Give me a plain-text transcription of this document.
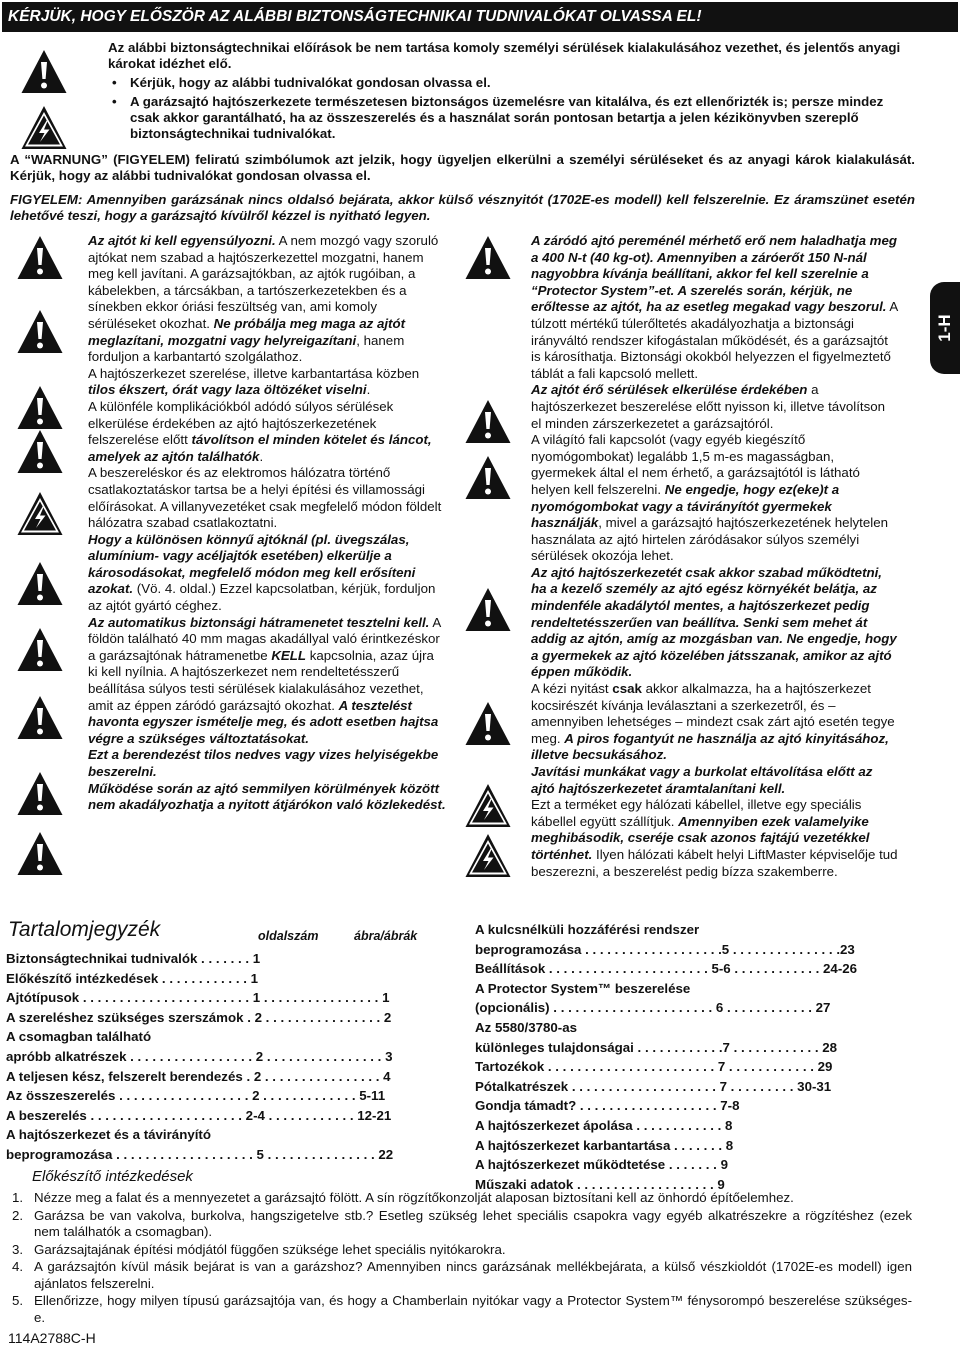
KÉRJÜK, HOGY ELŐSZÖR AZ ALÁBBI BIZTONSÁGTECHNIKAI TUDNIVALÓKAT OLVASSA EL!
Az alábbi biztonságtechnikai előírások be nem tartása komoly személyi sérülések kialakulásához vezethet, és jelentős anyagi károkat idézhet elő.
• Kérjük, hogy az alábbi tudnivalókat gondosan olvassa el.
• A garázsajtó hajtószerkezete természetesen biztonságos üzemelésre van kitalálva, és ezt ellenőrizték is; persze mindez csak akkor garantálható, ha az összeszerelés és a használat során pontosan betartja a jelen kézikönyvben szereplő biztonságtechnikai tudnivalókat.
A “WARNUNG” (FIGYELEM) feliratú szimbólumok azt jelzik, hogy ügyeljen elkerülni a személyi sérüléseket és az anyagi károk kialakulását. Kérjük, hogy az alábbi tudnivalókat gondosan olvassa el.
FIGYELEM: Amennyiben garázsának nincs oldalsó bejárata, akkor külső vésznyitót (1702E-es modell) kell felszerelnie. Ez áramszünet esetén lehetővé teszi, hogy a garázsajtó kívülről kézzel is nyitható legyen.

Az ajtót ki kell egyensúlyozni. A nem mozgó vagy szoruló ajtókat nem szabad a hajtószerkezettel mozgatni, hanem meg kell javítani. A garázsajtókban, az ajtók rugóiban, a kábelekben, a tárcsákban, a tartószerkezetekben és a sínekben ekkor óriási feszültség van, ami komoly sérüléseket okozhat. Ne próbálja meg maga az ajtót meglazítani, mozgatni vagy helyreigazítani, hanem forduljon a karbantartó szolgálathoz.

A hajtószerkezet szerelése, illetve karbantartása közben tilos ékszert, órát vagy laza öltözéket viselni.

A különféle komplikációkból adódó súlyos sérülések elkerülése érdekében az ajtó hajtószerkezetének felszerelése előtt távolítson el minden kötelet és láncot, amelyek az ajtón találhatók.

A beszereléskor és az elektromos hálózatra történő csatlakoztatáskor tartsa be a helyi építési és villamossági előírásokat. A villanyvezetéket csak megfelelő módon földelt hálózatra szabad csatlakoztatni.

Hogy a különösen könnyű ajtóknál (pl. üvegszálas, alumínium- vagy acéljajtók esetében) elkerülje a károsodásokat, megfelelő módon meg kell erősíteni azokat. (Vö. 4. oldal.) Ezzel kapcsolatban, kérjük, forduljon az ajtót gyártó céghez.

Az automatikus biztonsági hátramenetet tesztelni kell. A földön található 40 mm magas akadállyal való érintkezéskor a garázsajtónak hátramenetbe KELL kapcsolnia, azaz újra ki kell nyílnia. A hajtószerkezet nem rendeltetésszerű beállítása súlyos testi sérülések kialakulásához vezethet, amit az éppen záródó garázsajtó okozhat. A tesztelést havonta egyszer ismételje meg, és adott esetben hajtsa végre a szükséges változtatásokat.

Ezt a berendezést tilos nedves vagy vizes helyiségekbe beszerelni.

Működése során az ajtó semmilyen körülmények között nem akadályozhatja a nyitott átjárókon való közlekedést.

A záródó ajtó pereménél mérhető erő nem haladhatja meg a 400 N-t (40 kg-ot). Amennyiben a záróerőt 150 N-nál nagyobbra kívánja beállítani, akkor fel kell szerelnie a “Protector System”-et. A szerelés során, kérjük, ne erőltesse az ajtót, ha az esetleg megakad vagy beszorul. A túlzott mértékű túlerőltetés akadályozhatja a biztonsági irányváltó rendszer kifogástalan működését, és a garázsajtót is károsíthatja. Biztonsági okokból helyezzen el figyelmeztető táblát a fali kapcsoló mellett.

Az ajtót érő sérülések elkerülése érdekében a hajtószerkezet beszerelése előtt nyisson ki, illetve távolítson el minden zárszerkezetet a garázsajtóról.

A világító fali kapcsolót (vagy egyéb kiegészítő nyomógombokat) legalább 1,5 m-es magasságban, gyermekek által el nem érhető, a garázsajtótól is látható helyen kell felszerelni. Ne engedje, hogy ez(eke)t a nyomógombokat vagy a távirányítót gyermekek használják, mivel a garázsajtó hajtószerkezetének helytelen használata az ajtó hirtelen záródásakor súlyos személyi sérülések okozója lehet.

Az ajtó hajtószerkezetét csak akkor szabad működtetni, ha a kezelő személy az ajtó egész környékét belátja, az mindenféle akadálytól mentes, a hajtószerkezet pedig rendeltetésszerűen van beállítva. Senki sem mehet át addig az ajtón, amíg az mozgásban van. Ne engedje, hogy a gyermekek az ajtó közelében játsszanak, amikor az ajtó éppen működik.

A kézi nyitást csak akkor alkalmazza, ha a hajtószerkezet kocsirészét kívánja leválasztani a szerkezetről, és – amennyiben lehetséges – mindezt csak zárt ajtó esetén tegye meg. A piros fogantyút ne használja az ajtó kinyitásához, illetve becsukásához.

Javítási munkákat vagy a burkolat eltávolítása előtt az ajtó hajtószerkezetet áramtalanítani kell.

Ezt a terméket egy hálózati kábellel, illetve egy speciális kábellel együtt szállítjuk. Amennyiben ezek valamelyike meghibásodik, cseréje csak azonos fajtájú vezetékkel történhet. Ilyen hálózati kábelt helyi LiftMaster képviselője tud beszerezni, a beszerelést pedig bízza szakemberre.

1-H
Tartalomjegyzék	oldalszám	ábra/ábrák
Biztonságtechnikai tudnivalók . . . . . . . 1
Előkészítő intézkedések . . . . . . . . . . . . 1
Ajtótípusok . . . . . . . . . . . . . . . . . . . . . . . 1 . . . . . . . . . . . . . . . . 1
A szereléshez szükséges szerszámok . 2 . . . . . . . . . . . . . . . . 2
A csomagban található
apróbb alkatrészek . . . . . . . . . . . . . . . . . 2 . . . . . . . . . . . . . . . . 3
A teljesen kész, felszerelt berendezés . 2 . . . . . . . . . . . . . . . . 4
Az összeszerelés . . . . . . . . . . . . . . . . . . 2 . . . . . . . . . . . . . 5-11
A beszerelés . . . . . . . . . . . . . . . . . . . . . 2-4 . . . . . . . . . . . . 12-21
A hajtószerkezet és a távirányító
beprogramozása . . . . . . . . . . . . . . . . . . . 5 . . . . . . . . . . . . . . . 22
A kulcsnélküli hozzáférési rendszer
beprogramozása . . . . . . . . . . . . . . . . . . .5 . . . . . . . . . . . . . . .23
Beállítások . . . . . . . . . . . . . . . . . . . . . . 5-6 . . . . . . . . . . . . 24-26
A Protector System™ beszerelése
(opcionális) . . . . . . . . . . . . . . . . . . . . . . 6 . . . . . . . . . . . . 27
Az 5580/3780-as
különleges tulajdonságai . . . . . . . . . . . .7 . . . . . . . . . . . . 28
Tartozékok . . . . . . . . . . . . . . . . . . . . . . . 7 . . . . . . . . . . . . 29
Pótalkatrészek . . . . . . . . . . . . . . . . . . . . 7 . . . . . . . . . 30-31
Gondja támadt? . . . . . . . . . . . . . . . . . . . 7-8
A hajtószerkezet ápolása . . . . . . . . . . . . 8
A hajtószerkezet karbantartása . . . . . . . 8
A hajtószerkezet működtetése . . . . . . . 9
Műszaki adatok . . . . . . . . . . . . . . . . . . . 9
Előkészítő intézkedések
1. Nézze meg a falat és a mennyezetet a garázsajtó fölött. A sín rögzítőkonzolját alaposan biztosítani kell az önhordó építőelemhez.
2. Garázsa be van vakolva, burkolva, hangszigetelve stb.? Esetleg szükség lehet speciális csapokra vagy egyéb alkatrészekre a rögzítéshez (ezek nem találhatók a csomagban).
3. Garázsajtajának építési módjától függően szüksége lehet speciális nyitókarokra.
4. A garázsajtón kívül másik bejárat is van a garázshoz? Amennyiben nincs garázsának mellékbejárata, a külső vészkioldót (1702E-es modell) igen ajánlatos felszerelni.
5. Ellenőrizze, hogy milyen típusú garázsajtója van, és hogy a Chamberlain nyitókar vagy a Protector System™ fénysorompó beszerelése szükséges-e.
114A2788C-H
